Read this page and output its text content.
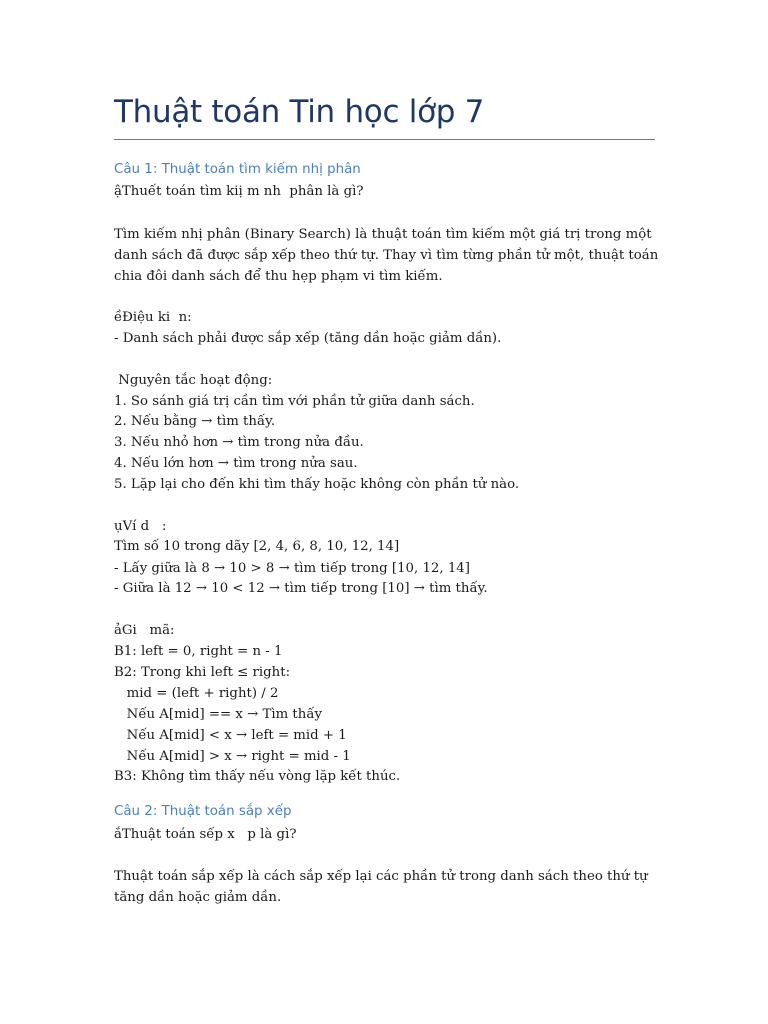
Thuật toán Tin học lớp 7
Câu 1: Thuật toán tìm kiếm nhị phân

ậThuết toán tìm kiị m nh  phân là gì?

Tìm kiếm nhị phân (Binary Search) là thuật toán tìm kiếm một giá trị trong một

danh sách đã được sắp xếp theo thứ tự. Thay vì tìm từng phần tử một, thuật toán

chia đôi danh sách để thu hẹp phạm vi tìm kiếm.

ềĐiệu ki  n:

- Danh sách phải được sắp xếp (tăng dần hoặc giảm dần).

Nguyên tắc hoạt động:

1. So sánh giá trị cần tìm với phần tử giữa danh sách.

2. Nếu bằng → tìm thấy.

3. Nếu nhỏ hơn → tìm trong nửa đầu.

4. Nếu lớn hơn → tìm trong nửa sau.

5. Lặp lại cho đến khi tìm thấy hoặc không còn phần tử nào.

ụVí d   :

Tìm số 10 trong dãy [2, 4, 6, 8, 10, 12, 14]

- Lấy giữa là 8 → 10 > 8 → tìm tiếp trong [10, 12, 14]

- Giữa là 12 → 10 < 12 → tìm tiếp trong [10] → tìm thấy.

ảGi   mã:

B1: left = 0, right = n - 1

B2: Trong khi left ≤ right:

mid = (left + right) / 2

Nếu A[mid] == x → Tìm thấy

Nếu A[mid] < x → left = mid + 1

Nếu A[mid] > x → right = mid - 1

B3: Không tìm thấy nếu vòng lặp kết thúc.

Câu 2: Thuật toán sắp xếp

ắThuật toán sếp x   p là gì?

Thuật toán sắp xếp là cách sắp xếp lại các phần tử trong danh sách theo thứ tự

tăng dần hoặc giảm dần.
